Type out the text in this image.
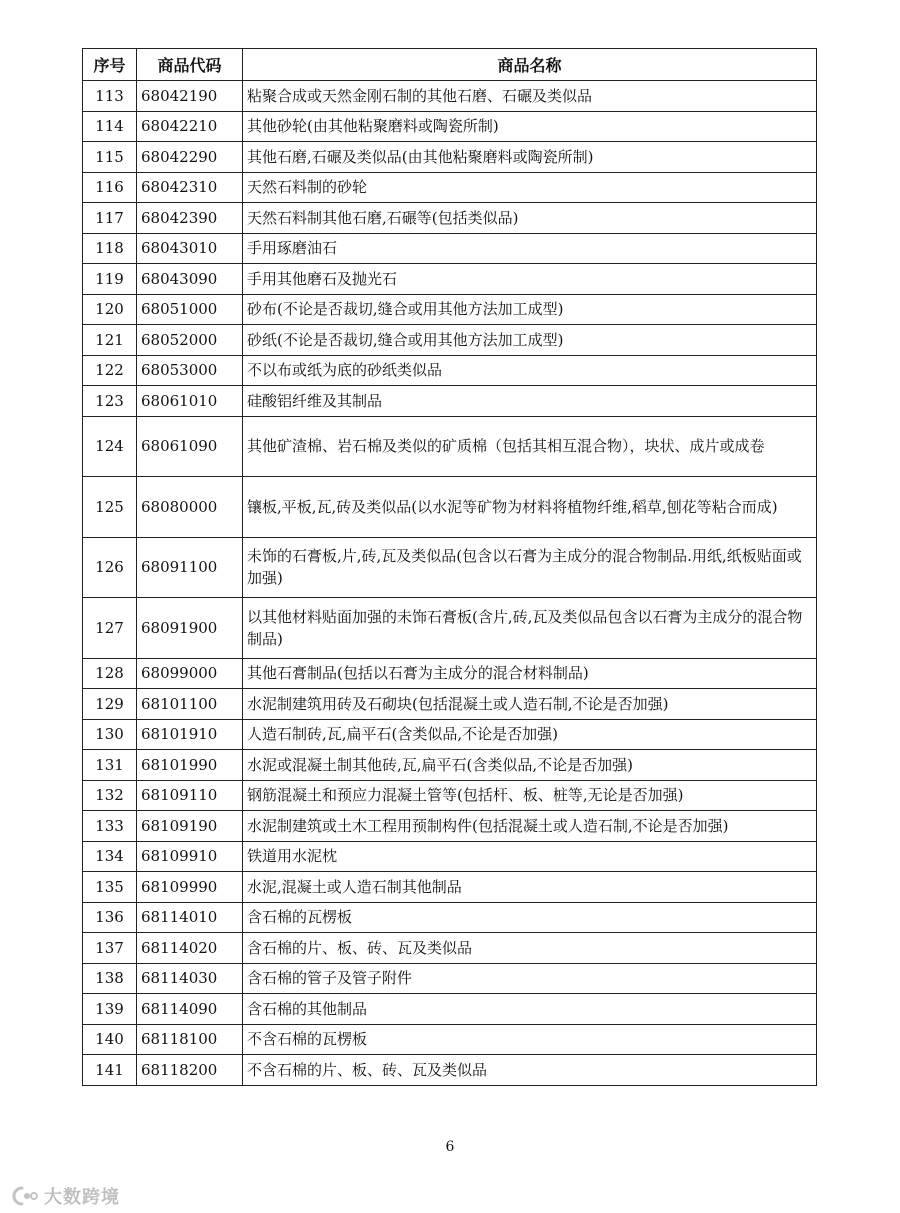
序号	商品代码	商品名称
113	68042190	粘聚合成或天然金刚石制的其他石磨、石碾及类似品
114	68042210	其他砂轮(由其他粘聚磨料或陶瓷所制)
115	68042290	其他石磨,石碾及类似品(由其他粘聚磨料或陶瓷所制)
116	68042310	天然石料制的砂轮
117	68042390	天然石料制其他石磨,石碾等(包括类似品)
118	68043010	手用琢磨油石
119	68043090	手用其他磨石及抛光石
120	68051000	砂布(不论是否裁切,缝合或用其他方法加工成型)
121	68052000	砂纸(不论是否裁切,缝合或用其他方法加工成型)
122	68053000	不以布或纸为底的砂纸类似品
123	68061010	硅酸铝纤维及其制品
124	68061090	其他矿渣棉、岩石棉及类似的矿质棉（包括其相互混合物），块状、成片或成卷
125	68080000	镶板,平板,瓦,砖及类似品(以水泥等矿物为材料将植物纤维,稻草,刨花等粘合而成)
126	68091100	未饰的石膏板,片,砖,瓦及类似品(包含以石膏为主成分的混合物制品.用纸,纸板贴面或加强)
127	68091900	以其他材料贴面加强的未饰石膏板(含片,砖,瓦及类似品包含以石膏为主成分的混合物制品)
128	68099000	其他石膏制品(包括以石膏为主成分的混合材料制品)
129	68101100	水泥制建筑用砖及石砌块(包括混凝土或人造石制,不论是否加强)
130	68101910	人造石制砖,瓦,扁平石(含类似品,不论是否加强)
131	68101990	水泥或混凝土制其他砖,瓦,扁平石(含类似品,不论是否加强)
132	68109110	钢筋混凝土和预应力混凝土管等(包括杆、板、桩等,无论是否加强)
133	68109190	水泥制建筑或土木工程用预制构件(包括混凝土或人造石制,不论是否加强)
134	68109910	铁道用水泥枕
135	68109990	水泥,混凝土或人造石制其他制品
136	68114010	含石棉的瓦楞板
137	68114020	含石棉的片、板、砖、瓦及类似品
138	68114030	含石棉的管子及管子附件
139	68114090	含石棉的其他制品
140	68118100	不含石棉的瓦楞板
141	68118200	不含石棉的片、板、砖、瓦及类似品
6
大数跨境
